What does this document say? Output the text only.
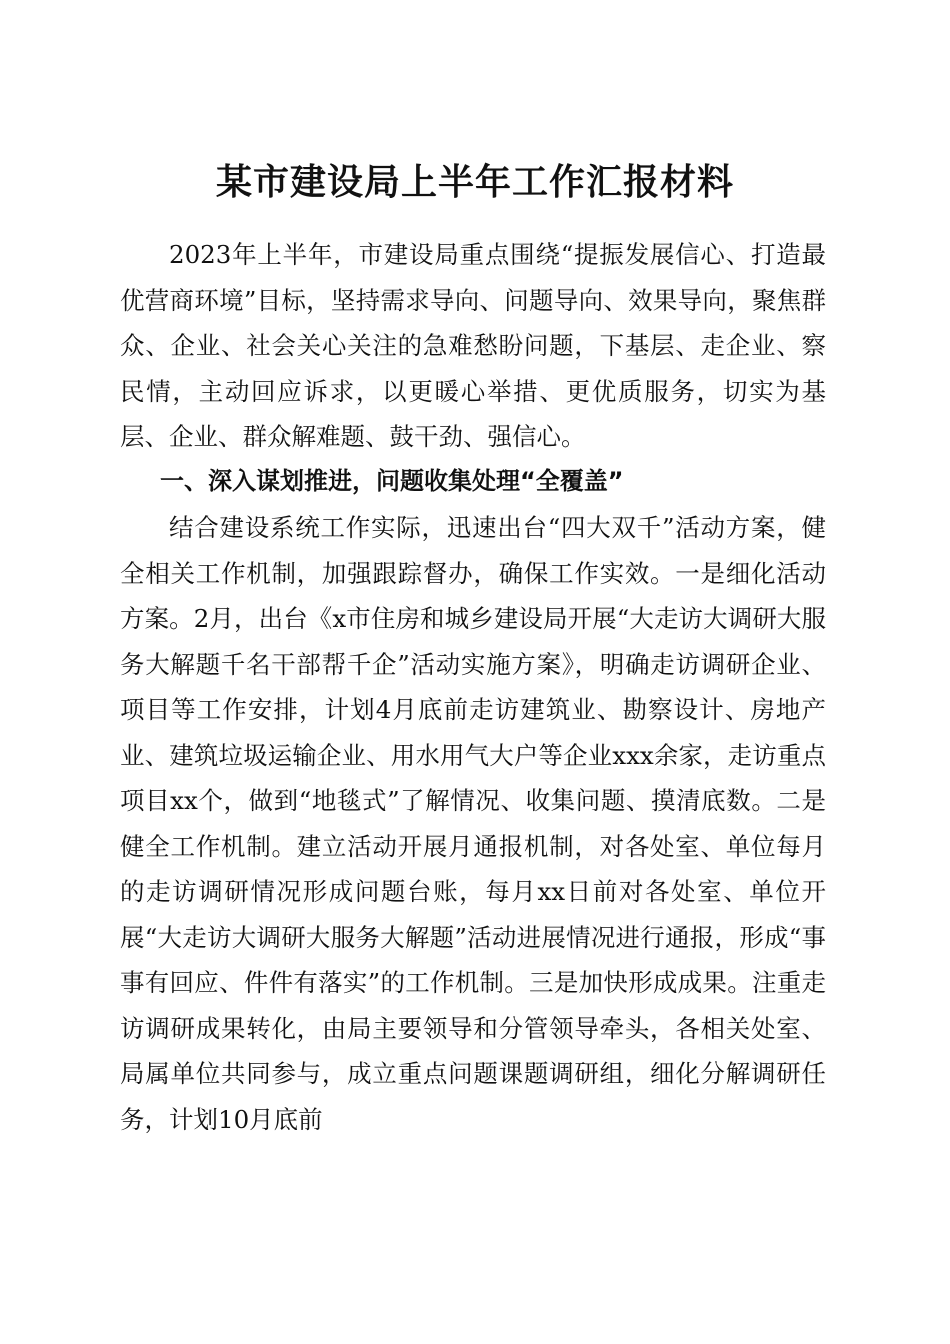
某市建设局上半年工作汇报材料

2023年上半年，市建设局重点围绕“提振发展信心、打造最优营商环境”目标，坚持需求导向、问题导向、效果导向，聚焦群众、企业、社会关心关注的急难愁盼问题，下基层、走企业、察民情，主动回应诉求，以更暖心举措、更优质服务，切实为基层、企业、群众解难题、鼓干劲、强信心。

一、深入谋划推进，问题收集处理“全覆盖”

结合建设系统工作实际，迅速出台“四大双千”活动方案，健全相关工作机制，加强跟踪督办，确保工作实效。一是细化活动方案。2月，出台《x市住房和城乡建设局开展“大走访大调研大服务大解题千名干部帮千企”活动实施方案》，明确走访调研企业、项目等工作安排，计划4月底前走访建筑业、勘察设计、房地产业、建筑垃圾运输企业、用水用气大户等企业xxx余家，走访重点项目xx个，做到“地毯式”了解情况、收集问题、摸清底数。二是健全工作机制。建立活动开展月通报机制，对各处室、单位每月的走访调研情况形成问题台账，每月xx日前对各处室、单位开展“大走访大调研大服务大解题”活动进展情况进行通报，形成“事事有回应、件件有落实”的工作机制。三是加快形成成果。注重走访调研成果转化，由局主要领导和分管领导牵头，各相关处室、局属单位共同参与，成立重点问题课题调研组，细化分解调研任务，计划10月底前
